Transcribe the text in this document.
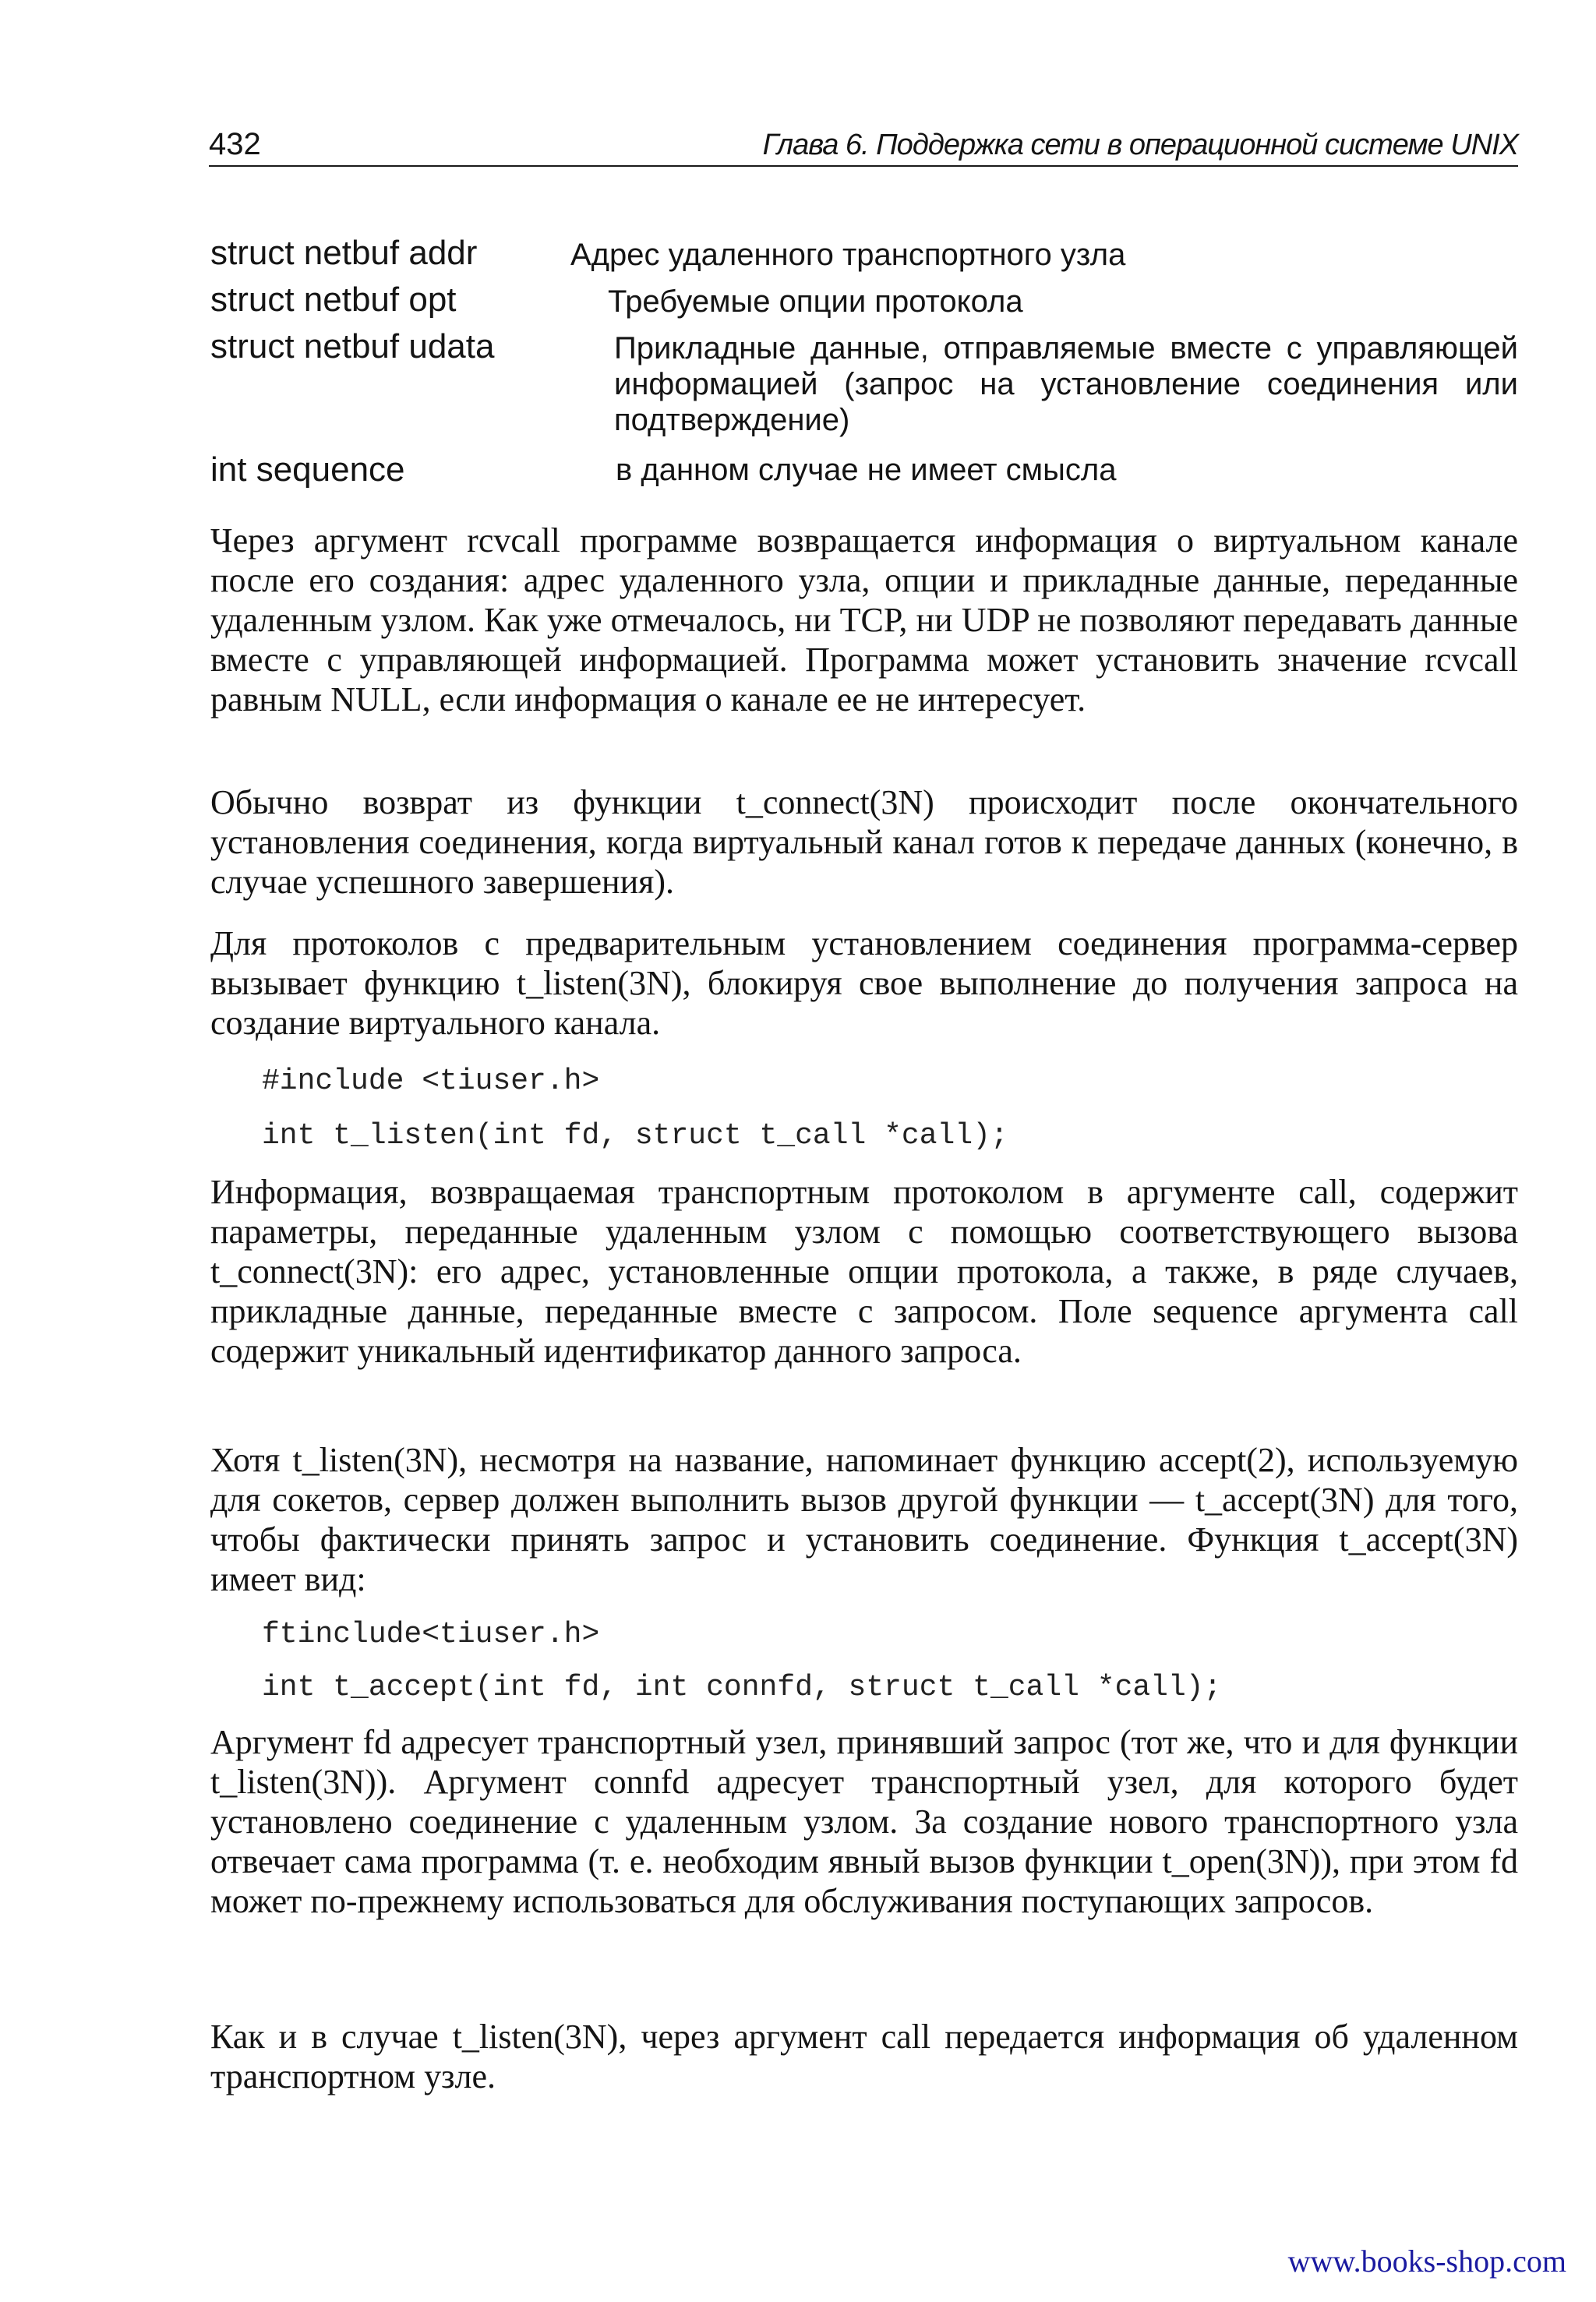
432	Глава 6. Поддержка сети в операционной системе UNIX
struct netbuf addr	Адрес удаленного транспортного узла
struct netbuf opt	Требуемые опции протокола
struct netbuf udata	Прикладные данные, отправляемые вместе с управляющей информацией (запрос на установление соединения или подтверждение)
int sequence	в данном случае не имеет смысла

Через аргумент rcvcall программе возвращается информация о виртуальном канале после его создания: адрес удаленного узла, опции и прикладные данные, переданные удаленным узлом. Как уже отмечалось, ни TCP, ни UDP не позволяют передавать данные вместе с управляющей информацией. Программа может установить значение rcvcall равным NULL, если информация о канале ее не интересует.

Обычно возврат из функции t_connect(3N) происходит после окончательного установления соединения, когда виртуальный канал готов к передаче данных (конечно, в случае успешного завершения).

Для протоколов с предварительным установлением соединения программа-сервер вызывает функцию t_listen(3N), блокируя свое выполнение до получения запроса на создание виртуального канала.

#include <tiuser.h>
int t_listen(int fd, struct t_call *call);

Информация, возвращаемая транспортным протоколом в аргументе call, содержит параметры, переданные удаленным узлом с помощью соответствующего вызова t_connect(3N): его адрес, установленные опции протокола, а также, в ряде случаев, прикладные данные, переданные вместе с запросом. Поле sequence аргумента call содержит уникальный идентификатор данного запроса.

Хотя t_listen(3N), несмотря на название, напоминает функцию accept(2), используемую для сокетов, сервер должен выполнить вызов другой функции — t_accept(3N) для того, чтобы фактически принять запрос и установить соединение. Функция t_accept(3N) имеет вид:

ftinclude<tiuser.h>
int t_accept(int fd, int connfd, struct t_call *call);

Аргумент fd адресует транспортный узел, принявший запрос (тот же, что и для функции t_listen(3N)). Аргумент connfd адресует транспортный узел, для которого будет установлено соединение с удаленным узлом. За создание нового транспортного узла отвечает сама программа (т. е. необходим явный вызов функции t_open(3N)), при этом fd может по-прежнему использоваться для обслуживания поступающих запросов.

Как и в случае t_listen(3N), через аргумент call передается информация об удаленном транспортном узле.

www.books-shop.com
